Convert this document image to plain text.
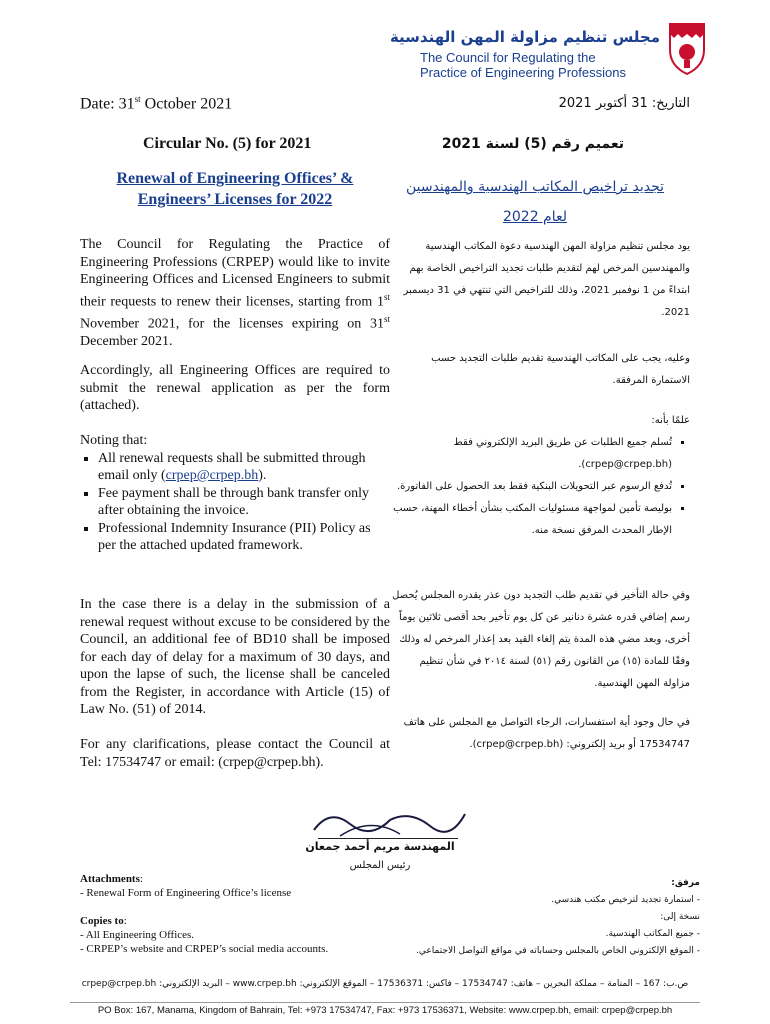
مجلس تنظيم مزاولة المهن الهندسية
The Council for Regulating the
Practice of Engineering Professions
Date: 31st October 2021	التاريخ: 31 أكتوبر 2021
Circular No. (5) for 2021	تعميم رقم (5) لسنة 2021
Renewal of Engineering Offices’ &
Engineers’ Licenses for 2022
تجديد تراخيص المكاتب الهندسية والمهندسين
لعام 2022
The Council for Regulating the Practice of Engineering Professions (CRPEP) would like to invite Engineering Offices and Licensed Engineers to submit their requests to renew their licenses, starting from 1st November 2021, for the licenses expiring on 31st December 2021.
يود مجلس تنظيم مزاولة المهن الهندسية دعوة المكاتب الهندسية والمهندسين المرخص لهم لتقديم طلبات تجديد التراخيص الخاصة بهم ابتداءً من 1 نوفمبر 2021، وذلك للتراخيص التي تنتهي في 31 ديسمبر 2021.
Accordingly, all Engineering Offices are required to submit the renewal application as per the form (attached).
وعليه، يجب على المكاتب الهندسية تقديم طلبات التجديد حسب الاستمارة المرفقة.
Noting that:
▪ All renewal requests shall be submitted through email only (crpep@crpep.bh).
▪ Fee payment shall be through bank transfer only after obtaining the invoice.
▪ Professional Indemnity Insurance (PII) Policy as per the attached updated framework.
علمًا بأنه:
▪ تُسلم جميع الطلبات عن طريق البريد الإلكتروني فقط (crpep@crpep.bh).
▪ تُدفع الرسوم عبر التحويلات البنكية فقط بعد الحصول على الفاتورة.
▪ بوليصة تأمين لمواجهة مسئوليات المكتب بشأن أخطاء المهنة، حسب الإطار المحدث المرفق نسخة منه.
In the case there is a delay in the submission of a renewal request without excuse to be considered by the Council, an additional fee of BD10 shall be imposed for each day of delay for a maximum of 30 days, and upon the lapse of such, the license shall be canceled from the Register, in accordance with Article (15) of Law No. (51) of 2014.
وفي حالة التأخير في تقديم طلب التجديد دون عذر يقدره المجلس يُحصل رسم إضافي قدره عشرة دنانير عن كل يوم تأخير بحد أقصى ثلاثين يوماً أخرى، وبعد مضي هذه المدة يتم إلغاء القيد بعد إعذار المرخص له وذلك وفقًا للمادة (١٥) من القانون رقم (٥١) لسنة ٢٠١٤ في شأن تنظيم مزاولة المهن الهندسية.
For any clarifications, please contact the Council at Tel: 17534747 or email: (crpep@crpep.bh).
في حال وجود أية استفسارات، الرجاء التواصل مع المجلس على هاتف 17534747 أو بريد إلكتروني: (crpep@crpep.bh).
المهندسة مريم أحمد جمعان
رئيس المجلس
Attachments:
- Renewal Form of Engineering Office’s license
Copies to:
- All Engineering Offices.
- CRPEP’s website and CRPEP’s social media accounts.
مرفق:
- استمارة تجديد لترخيص مكتب هندسي.
نسخة إلى:
- جميع المكاتب الهندسية.
- الموقع الإلكتروني الخاص بالمجلس وحساباته في مواقع التواصل الاجتماعي.
ص.ب: 167 – المنامة – مملكة البحرين – هاتف: 17534747 – فاكس: 17536371 – الموقع الإلكتروني: www.crpep.bh – البريد الإلكتروني: crpep@crpep.bh
PO Box: 167, Manama, Kingdom of Bahrain, Tel: +973 17534747, Fax: +973 17536371, Website: www.crpep.bh, email: crpep@crpep.bh
